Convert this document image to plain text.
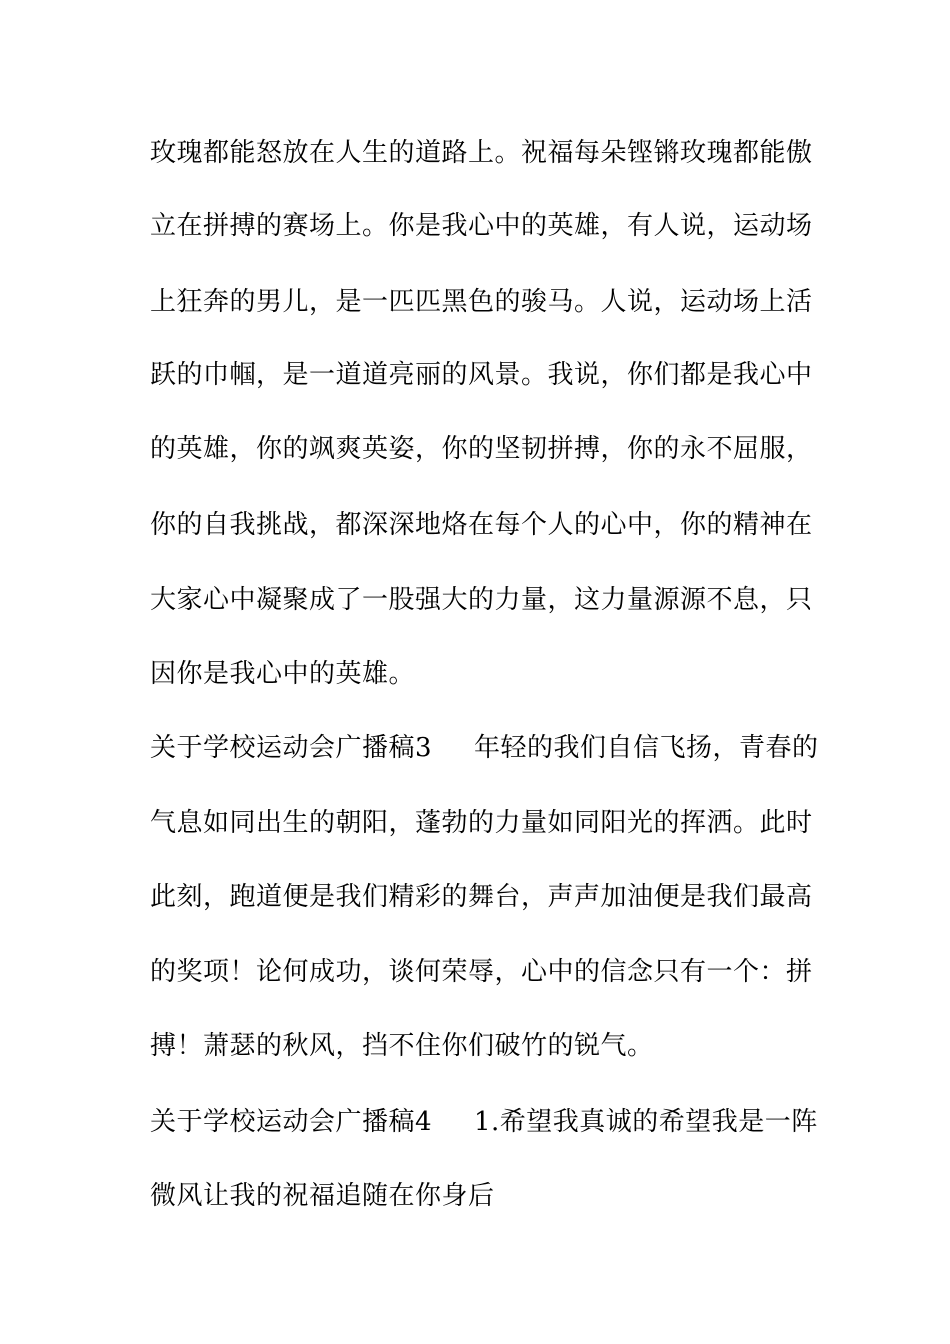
玫瑰都能怒放在人生的道路上。祝福每朵铿锵玫瑰都能傲
立在拼搏的赛场上。你是我心中的英雄，有人说，运动场
上狂奔的男儿，是一匹匹黑色的骏马。人说，运动场上活
跃的巾帼，是一道道亮丽的风景。我说，你们都是我心中
的英雄，你的飒爽英姿，你的坚韧拼搏，你的永不屈服，
你的自我挑战，都深深地烙在每个人的心中，你的精神在
大家心中凝聚成了一股强大的力量，这力量源源不息，只
因你是我心中的英雄。
关于学校运动会广播稿3 年轻的我们自信飞扬，青春的
气息如同出生的朝阳，蓬勃的力量如同阳光的挥洒。此时
此刻，跑道便是我们精彩的舞台，声声加油便是我们最高
的奖项！论何成功，谈何荣辱，心中的信念只有一个：拼
搏！萧瑟的秋风，挡不住你们破竹的锐气。
关于学校运动会广播稿4 1.希望我真诚的希望我是一阵
微风让我的祝福追随在你身后
